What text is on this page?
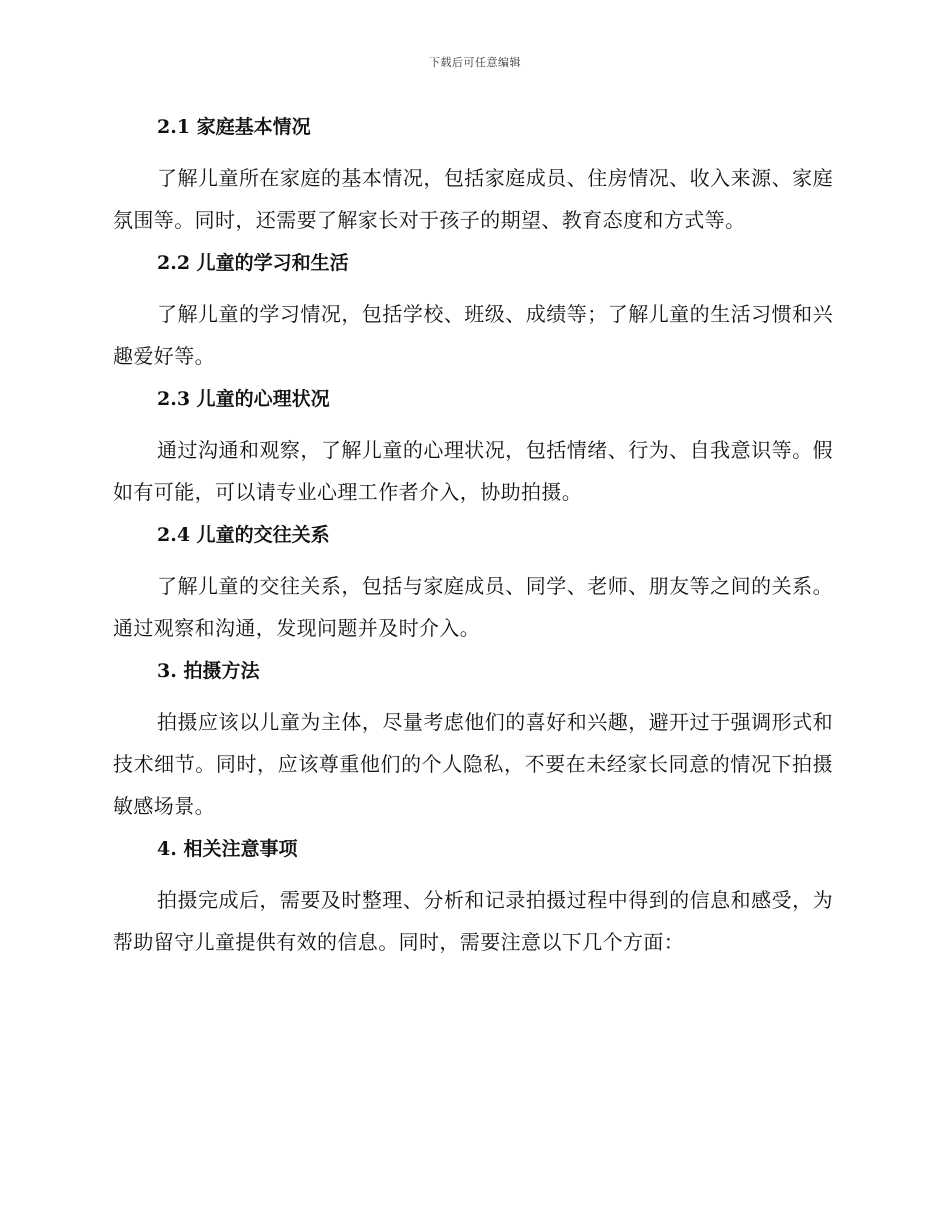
下载后可任意编辑
2.1 家庭基本情况

了解儿童所在家庭的基本情况，包括家庭成员、住房情况、收入来源、家庭氛围等。同时，还需要了解家长对于孩子的期望、教育态度和方式等。

2.2 儿童的学习和生活

了解儿童的学习情况，包括学校、班级、成绩等；了解儿童的生活习惯和兴趣爱好等。

2.3 儿童的心理状况

通过沟通和观察，了解儿童的心理状况，包括情绪、行为、自我意识等。假如有可能，可以请专业心理工作者介入，协助拍摄。

2.4 儿童的交往关系

了解儿童的交往关系，包括与家庭成员、同学、老师、朋友等之间的关系。通过观察和沟通，发现问题并及时介入。

3. 拍摄方法

拍摄应该以儿童为主体，尽量考虑他们的喜好和兴趣，避开过于强调形式和技术细节。同时，应该尊重他们的个人隐私，不要在未经家长同意的情况下拍摄敏感场景。

4. 相关注意事项

拍摄完成后，需要及时整理、分析和记录拍摄过程中得到的信息和感受，为帮助留守儿童提供有效的信息。同时，需要注意以下几个方面：
